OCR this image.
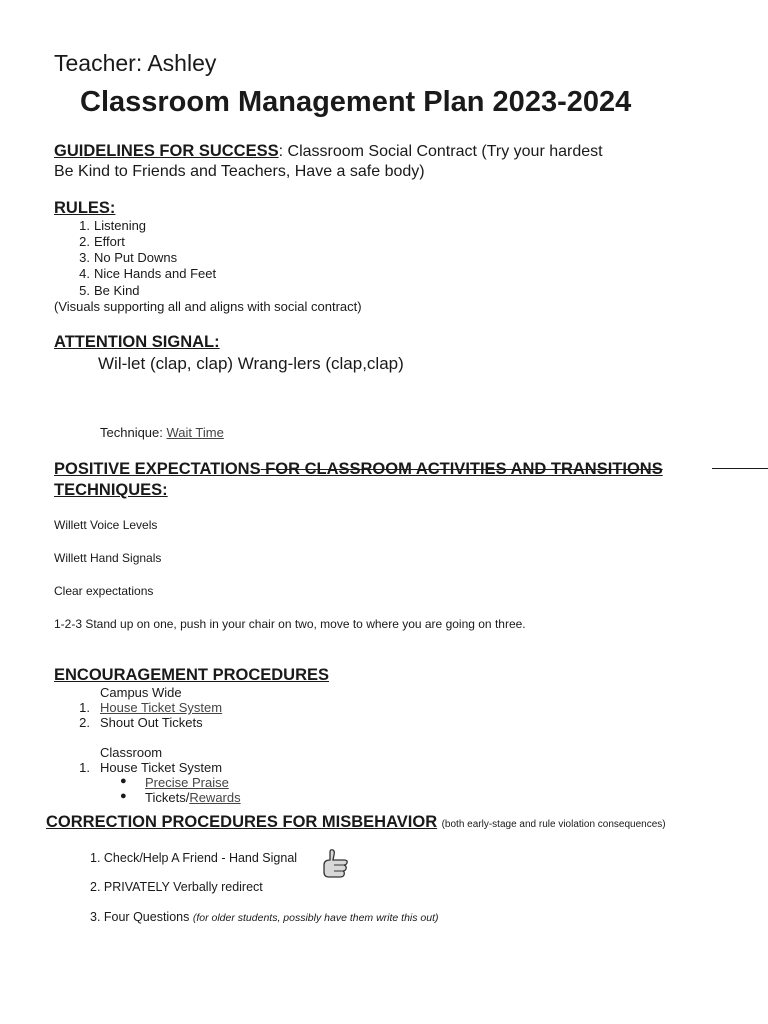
Teacher: Ashley
Classroom Management Plan 2023-2024
GUIDELINES FOR SUCCESS: Classroom Social Contract (Try your hardest
Be Kind to Friends and Teachers, Have a safe body)
RULES:
1. Listening
2. Effort
3. No Put Downs
4. Nice Hands and Feet
5. Be Kind
(Visuals supporting all and aligns with social contract)
ATTENTION SIGNAL:
Wil-let (clap, clap) Wrang-lers (clap,clap)
Technique: Wait Time
POSITIVE EXPECTATIONS FOR CLASSROOM ACTIVITIES AND TRANSITIONS
TECHNIQUES:
Willett Voice Levels
Willett Hand Signals
Clear expectations
1-2-3 Stand up on one, push in your chair on two, move to where you are going on three.
ENCOURAGEMENT PROCEDURES
Campus Wide
1. House Ticket System
2. Shout Out Tickets
Classroom
1. House Ticket System
● Precise Praise
● Tickets/Rewards
CORRECTION PROCEDURES FOR MISBEHAVIOR (both early-stage and rule violation consequences)
1. Check/Help A Friend - Hand Signal
2. PRIVATELY Verbally redirect
3. Four Questions (for older students, possibly have them write this out)
